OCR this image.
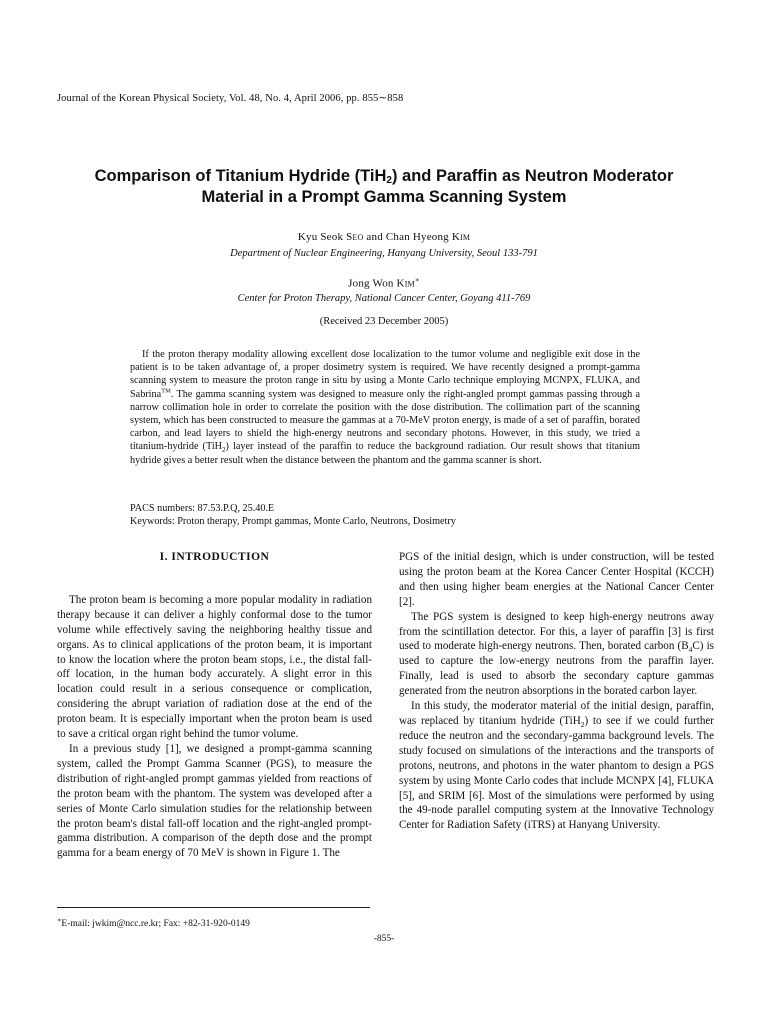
Journal of the Korean Physical Society, Vol. 48, No. 4, April 2006, pp. 855∼858
Comparison of Titanium Hydride (TiH$_2$) and Paraffin as Neutron Moderator
Material in a Prompt Gamma Scanning System
Kyu Seok Seo and Chan Hyeong Kim
Department of Nuclear Engineering, Hanyang University, Seoul 133-791
Jong Won Kim∗
Center for Proton Therapy, National Cancer Center, Goyang 411-769
(Received 23 December 2005)
If the proton therapy modality allowing excellent dose localization to the tumor volume and negligible exit dose in the patient is to be taken advantage of, a proper dosimetry system is required. We have recently designed a prompt-gamma scanning system to measure the proton range in situ by using a Monte Carlo technique employing MCNPX, FLUKA, and Sabrina™. The gamma scanning system was designed to measure only the right-angled prompt gammas passing through a narrow collimation hole in order to correlate the position with the dose distribution. The collimation part of the scanning system, which has been constructed to measure the gammas at a 70-MeV proton energy, is made of a set of paraffin, borated carbon, and lead layers to shield the high-energy neutrons and secondary photons. However, in this study, we tried a titanium-hydride (TiH$_2$) layer instead of the paraffin to reduce the background radiation. Our result shows that titanium hydride gives a better result when the distance between the phantom and the gamma scanner is short.
PACS numbers: 87.53.P.Q, 25.40.E
Keywords: Proton therapy, Prompt gammas, Monte Carlo, Neutrons, Dosimetry
I. INTRODUCTION

The proton beam is becoming a more popular modality in radiation therapy because it can deliver a highly conformal dose to the tumor volume while effectively saving the neighboring healthy tissue and organs. As to clinical applications of the proton beam, it is important to know the location where the proton beam stops, i.e., the distal fall-off location, in the human body accurately. A slight error in this location could result in a serious consequence or complication, considering the abrupt variation of radiation dose at the end of the proton beam. It is especially important when the proton beam is used to save a critical organ right behind the tumor volume.

In a previous study [1], we designed a prompt-gamma scanning system, called the Prompt Gamma Scanner (PGS), to measure the distribution of right-angled prompt gammas yielded from reactions of the proton beam with the phantom. The system was developed after a series of Monte Carlo simulation studies for the relationship between the proton beam's distal fall-off location and the right-angled prompt-gamma distribution. A comparison of the depth dose and the prompt gamma for a beam energy of 70 MeV is shown in Figure 1. The

PGS of the initial design, which is under construction, will be tested using the proton beam at the Korea Cancer Center Hospital (KCCH) and then using higher beam energies at the National Cancer Center [2].

The PGS system is designed to keep high-energy neutrons away from the scintillation detector. For this, a layer of paraffin [3] is first used to moderate high-energy neutrons. Then, borated carbon $(B_4C)$ is used to capture the low-energy neutrons from the paraffin layer. Finally, lead is used to absorb the secondary capture gammas generated from the neutron absorptions in the borated carbon layer.

In this study, the moderator material of the initial design, paraffin, was replaced by titanium hydride (TiH$_2$) to see if we could further reduce the neutron and the secondary-gamma background levels. The study focused on simulations of the interactions and the transports of protons, neutrons, and photons in the water phantom to design a PGS system by using Monte Carlo codes that include MCNPX [4], FLUKA [5], and SRIM [6]. Most of the simulations were performed by using the 49-node parallel computing system at the Innovative Technology Center for Radiation Safety (iTRS) at Hanyang University.

∗E-mail: jwkim@ncc.re.kr; Fax: +82-31-920-0149
-855-
